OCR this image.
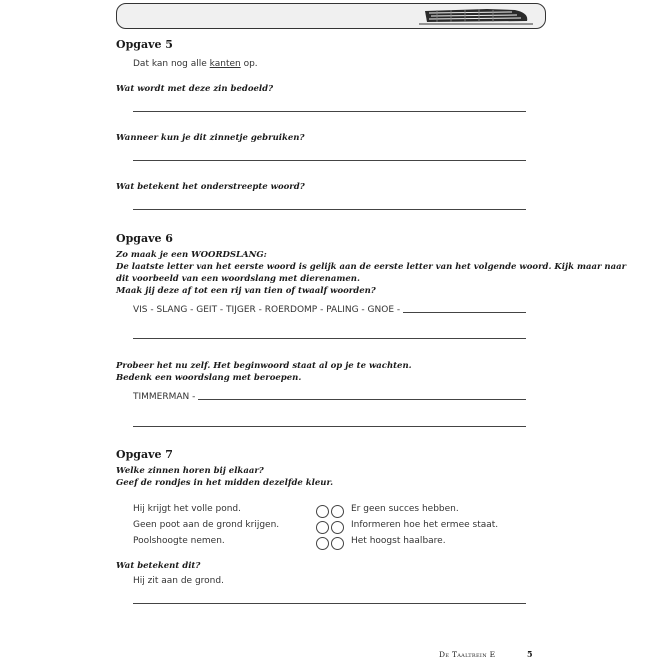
Opgave 5
Dat kan nog alle kanten op.
Wat wordt met deze zin bedoeld?
Wanneer kun je dit zinnetje gebruiken?
Wat betekent het onderstreepte woord?
Opgave 6
Zo maak je een WOORDSLANG:
De laatste letter van het eerste woord is gelijk aan de eerste letter van het volgende woord. Kijk maar naar
dit voorbeeld van een woordslang met dierenamen.
Maak jij deze af tot een rij van tien of twaalf woorden?
VIS - SLANG - GEIT - TIJGER - ROERDOMP - PALING - GNOE -
Probeer het nu zelf. Het beginwoord staat al op je te wachten.
Bedenk een woordslang met beroepen.
TIMMERMAN -
Opgave 7
Welke zinnen horen bij elkaar?
Geef de rondjes in het midden dezelfde kleur.
Hij krijgt het volle pond.
Geen poot aan de grond krijgen.
Poolshoogte nemen.
Er geen succes hebben.
Informeren hoe het ermee staat.
Het hoogst haalbare.
Wat betekent dit?
Hij zit aan de grond.
De Taaltrein E	5
